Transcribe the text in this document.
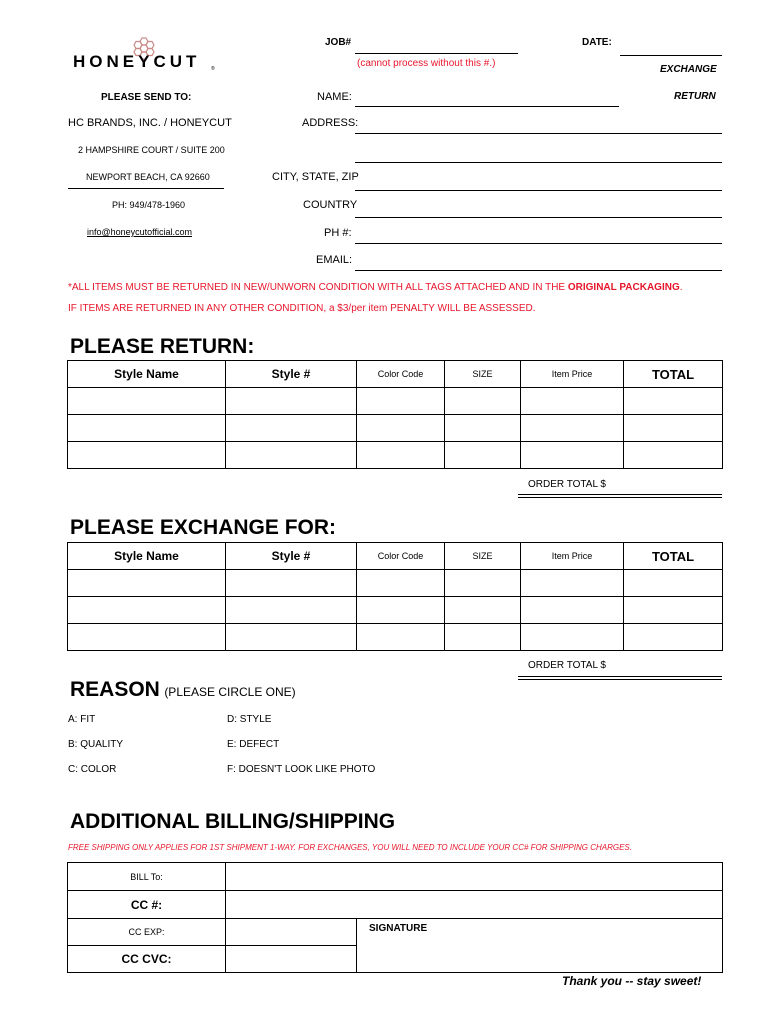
HONEYCUT ®
PLEASE SEND TO:
HC BRANDS, INC. / HONEYCUT
2 HAMPSHIRE COURT / SUITE 200
NEWPORT BEACH, CA 92660
PH: 949/478-1960
info@honeycutofficial.com
JOB#
(cannot process without this #.)
DATE:
EXCHANGE
RETURN
NAME:
ADDRESS:
CITY, STATE, ZIP
COUNTRY
PH #:
EMAIL:
*ALL ITEMS MUST BE RETURNED IN NEW/UNWORN CONDITION WITH ALL TAGS ATTACHED AND IN THE ORIGINAL PACKAGING.
IF ITEMS ARE RETURNED IN ANY OTHER CONDITION, a $3/per item PENALTY WILL BE ASSESSED.
PLEASE RETURN:
Style Name	Style #	Color Code	SIZE	Item Price	TOTAL

ORDER TOTAL $
PLEASE EXCHANGE FOR:
Style Name	Style #	Color Code	SIZE	Item Price	TOTAL

ORDER TOTAL $
REASON (PLEASE CIRCLE ONE)
A: FIT
B: QUALITY
C: COLOR
D: STYLE
E: DEFECT
F: DOESN'T LOOK LIKE PHOTO
ADDITIONAL BILLING/SHIPPING
FREE SHIPPING ONLY APPLIES FOR 1ST SHIPMENT 1-WAY. FOR EXCHANGES, YOU WILL NEED TO INCLUDE YOUR CC# FOR SHIPPING CHARGES.
BILL To:		
CC #:		
CC EXP:		SIGNATURE
CC CVC:		
Thank you -- stay sweet!
